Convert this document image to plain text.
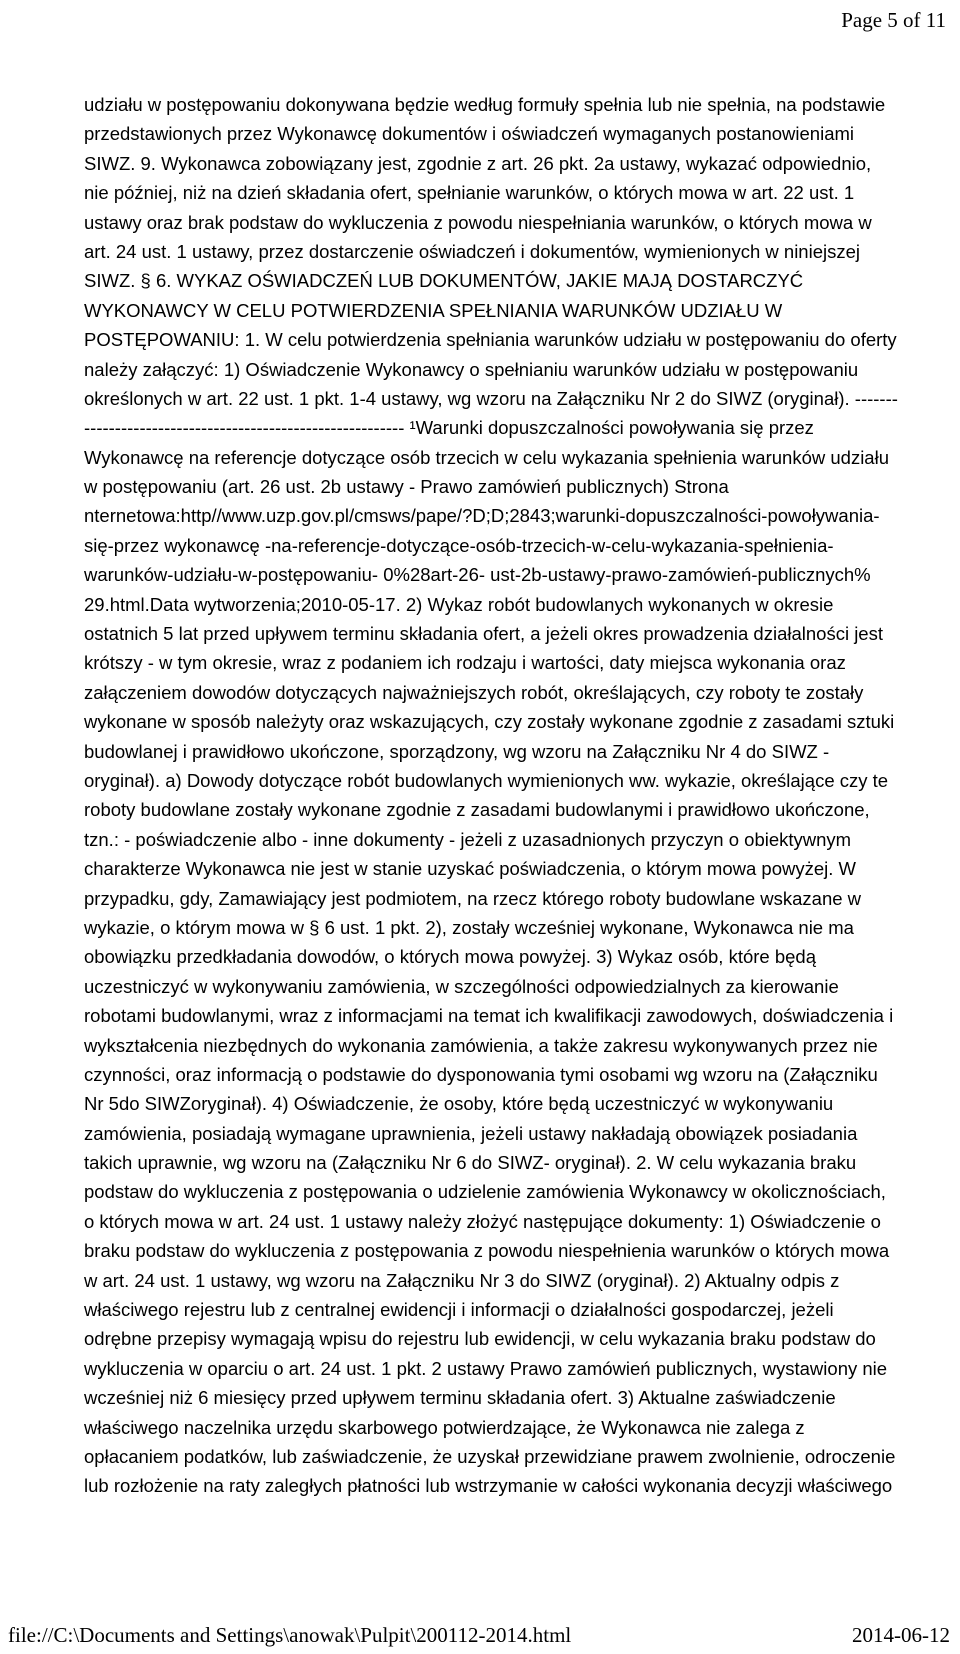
Page 5 of 11
udziału w postępowaniu dokonywana będzie według formuły spełnia lub nie spełnia, na podstawie
przedstawionych przez Wykonawcę dokumentów i oświadczeń wymaganych postanowieniami
SIWZ. 9. Wykonawca zobowiązany jest, zgodnie z art. 26 pkt. 2a ustawy, wykazać odpowiednio,
nie później, niż na dzień składania ofert, spełnianie warunków, o których mowa w art. 22 ust. 1
ustawy oraz brak podstaw do wykluczenia z powodu niespełniania warunków, o których mowa w
art. 24 ust. 1 ustawy, przez dostarczenie oświadczeń i dokumentów, wymienionych w niniejszej
SIWZ. § 6. WYKAZ OŚWIADCZEŃ LUB DOKUMENTÓW, JAKIE MAJĄ DOSTARCZYĆ
WYKONAWCY W CELU POTWIERDZENIA SPEŁNIANIA WARUNKÓW UDZIAŁU W
POSTĘPOWANIU: 1. W celu potwierdzenia spełniania warunków udziału w postępowaniu do oferty
należy załączyć: 1) Oświadczenie Wykonawcy o spełnianiu warunków udziału w postępowaniu
określonych w art. 22 ust. 1 pkt. 1-4 ustawy, wg wzoru na Załączniku Nr 2 do SIWZ (oryginał). -------
---------------------------------------------------- ¹Warunki dopuszczalności powoływania się przez
Wykonawcę na referencje dotyczące osób trzecich w celu wykazania spełnienia warunków udziału
w postępowaniu (art. 26 ust. 2b ustawy - Prawo zamówień publicznych) Strona
nternetowa:http//www.uzp.gov.pl/cmsws/pape/?D;D;2843;warunki-dopuszczalności-powoływania-
się-przez wykonawcę -na-referencje-dotyczące-osób-trzecich-w-celu-wykazania-spełnienia-
warunków-udziału-w-postępowaniu- 0%28art-26- ust-2b-ustawy-prawo-zamówień-publicznych%
29.html.Data wytworzenia;2010-05-17. 2) Wykaz robót budowlanych wykonanych w okresie
ostatnich 5 lat przed upływem terminu składania ofert, a jeżeli okres prowadzenia działalności jest
krótszy - w tym okresie, wraz z podaniem ich rodzaju i wartości, daty miejsca wykonania oraz
załączeniem dowodów dotyczących najważniejszych robót, określających, czy roboty te zostały
wykonane w sposób należyty oraz wskazujących, czy zostały wykonane zgodnie z zasadami sztuki
budowlanej i prawidłowo ukończone, sporządzony, wg wzoru na Załączniku Nr 4 do SIWZ -
oryginał). a) Dowody dotyczące robót budowlanych wymienionych ww. wykazie, określające czy te
roboty budowlane zostały wykonane zgodnie z zasadami budowlanymi i prawidłowo ukończone,
tzn.: - poświadczenie albo - inne dokumenty - jeżeli z uzasadnionych przyczyn o obiektywnym
charakterze Wykonawca nie jest w stanie uzyskać poświadczenia, o którym mowa powyżej. W
przypadku, gdy, Zamawiający jest podmiotem, na rzecz którego roboty budowlane wskazane w
wykazie, o którym mowa w § 6 ust. 1 pkt. 2), zostały wcześniej wykonane, Wykonawca nie ma
obowiązku przedkładania dowodów, o których mowa powyżej. 3) Wykaz osób, które będą
uczestniczyć w wykonywaniu zamówienia, w szczególności odpowiedzialnych za kierowanie
robotami budowlanymi, wraz z informacjami na temat ich kwalifikacji zawodowych, doświadczenia i
wykształcenia niezbędnych do wykonania zamówienia, a także zakresu wykonywanych przez nie
czynności, oraz informacją o podstawie do dysponowania tymi osobami wg wzoru na (Załączniku
Nr 5do SIWZoryginał). 4) Oświadczenie, że osoby, które będą uczestniczyć w wykonywaniu
zamówienia, posiadają wymagane uprawnienia, jeżeli ustawy nakładają obowiązek posiadania
takich uprawnie, wg wzoru na (Załączniku Nr 6 do SIWZ- oryginał). 2. W celu wykazania braku
podstaw do wykluczenia z postępowania o udzielenie zamówienia Wykonawcy w okolicznościach,
o których mowa w art. 24 ust. 1 ustawy należy złożyć następujące dokumenty: 1) Oświadczenie o
braku podstaw do wykluczenia z postępowania z powodu niespełnienia warunków o których mowa
w art. 24 ust. 1 ustawy, wg wzoru na Załączniku Nr 3 do SIWZ (oryginał). 2) Aktualny odpis z
właściwego rejestru lub z centralnej ewidencji i informacji o działalności gospodarczej, jeżeli
odrębne przepisy wymagają wpisu do rejestru lub ewidencji, w celu wykazania braku podstaw do
wykluczenia w oparciu o art. 24 ust. 1 pkt. 2 ustawy Prawo zamówień publicznych, wystawiony nie
wcześniej niż 6 miesięcy przed upływem terminu składania ofert. 3) Aktualne zaświadczenie
właściwego naczelnika urzędu skarbowego potwierdzające, że Wykonawca nie zalega z
opłacaniem podatków, lub zaświadczenie, że uzyskał przewidziane prawem zwolnienie, odroczenie
lub rozłożenie na raty zaległych płatności lub wstrzymanie w całości wykonania decyzji właściwego
file://C:\Documents and Settings\anowak\Pulpit\200112-2014.html	2014-06-12
